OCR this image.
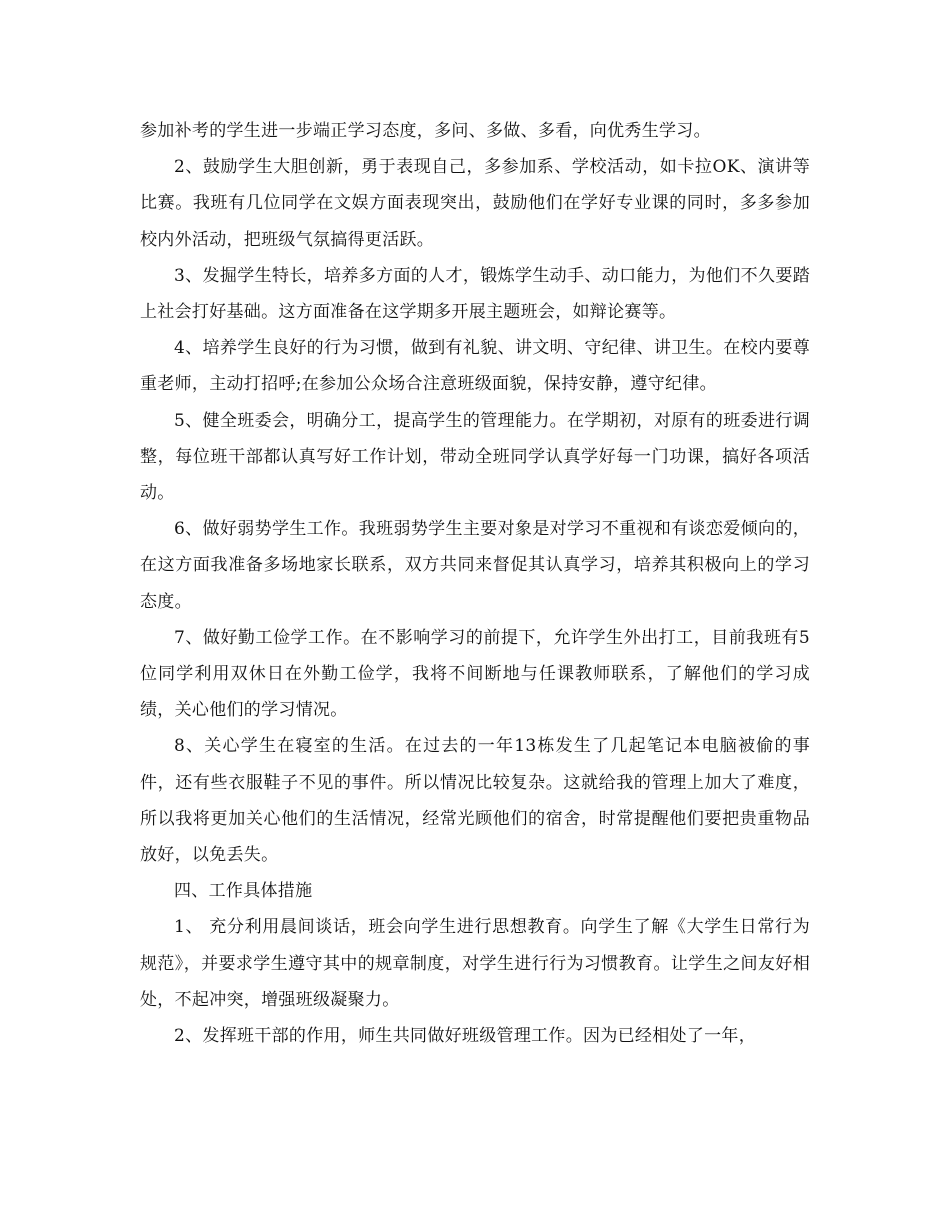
参加补考的学生进一步端正学习态度，多问、多做、多看，向优秀生学习。

2、鼓励学生大胆创新，勇于表现自己，多参加系、学校活动，如卡拉OK、演讲等比赛。我班有几位同学在文娱方面表现突出，鼓励他们在学好专业课的同时，多多参加校内外活动，把班级气氛搞得更活跃。

3、发掘学生特长，培养多方面的人才，锻炼学生动手、动口能力，为他们不久要踏上社会打好基础。这方面准备在这学期多开展主题班会，如辩论赛等。

4、培养学生良好的行为习惯，做到有礼貌、讲文明、守纪律、讲卫生。在校内要尊重老师，主动打招呼;在参加公众场合注意班级面貌，保持安静，遵守纪律。

5、健全班委会，明确分工，提高学生的管理能力。在学期初，对原有的班委进行调整，每位班干部都认真写好工作计划，带动全班同学认真学好每一门功课，搞好各项活动。

6、做好弱势学生工作。我班弱势学生主要对象是对学习不重视和有谈恋爱倾向的，在这方面我准备多场地家长联系，双方共同来督促其认真学习，培养其积极向上的学习态度。

7、做好勤工俭学工作。在不影响学习的前提下，允许学生外出打工，目前我班有5位同学利用双休日在外勤工俭学，我将不间断地与任课教师联系，了解他们的学习成绩，关心他们的学习情况。

8、关心学生在寝室的生活。在过去的一年13栋发生了几起笔记本电脑被偷的事件，还有些衣服鞋子不见的事件。所以情况比较复杂。这就给我的管理上加大了难度，所以我将更加关心他们的生活情况，经常光顾他们的宿舍，时常提醒他们要把贵重物品放好，以免丢失。

四、工作具体措施

1、 充分利用晨间谈话，班会向学生进行思想教育。向学生了解《大学生日常行为规范》，并要求学生遵守其中的规章制度，对学生进行行为习惯教育。让学生之间友好相处，不起冲突，增强班级凝聚力。

2、发挥班干部的作用，师生共同做好班级管理工作。因为已经相处了一年，
